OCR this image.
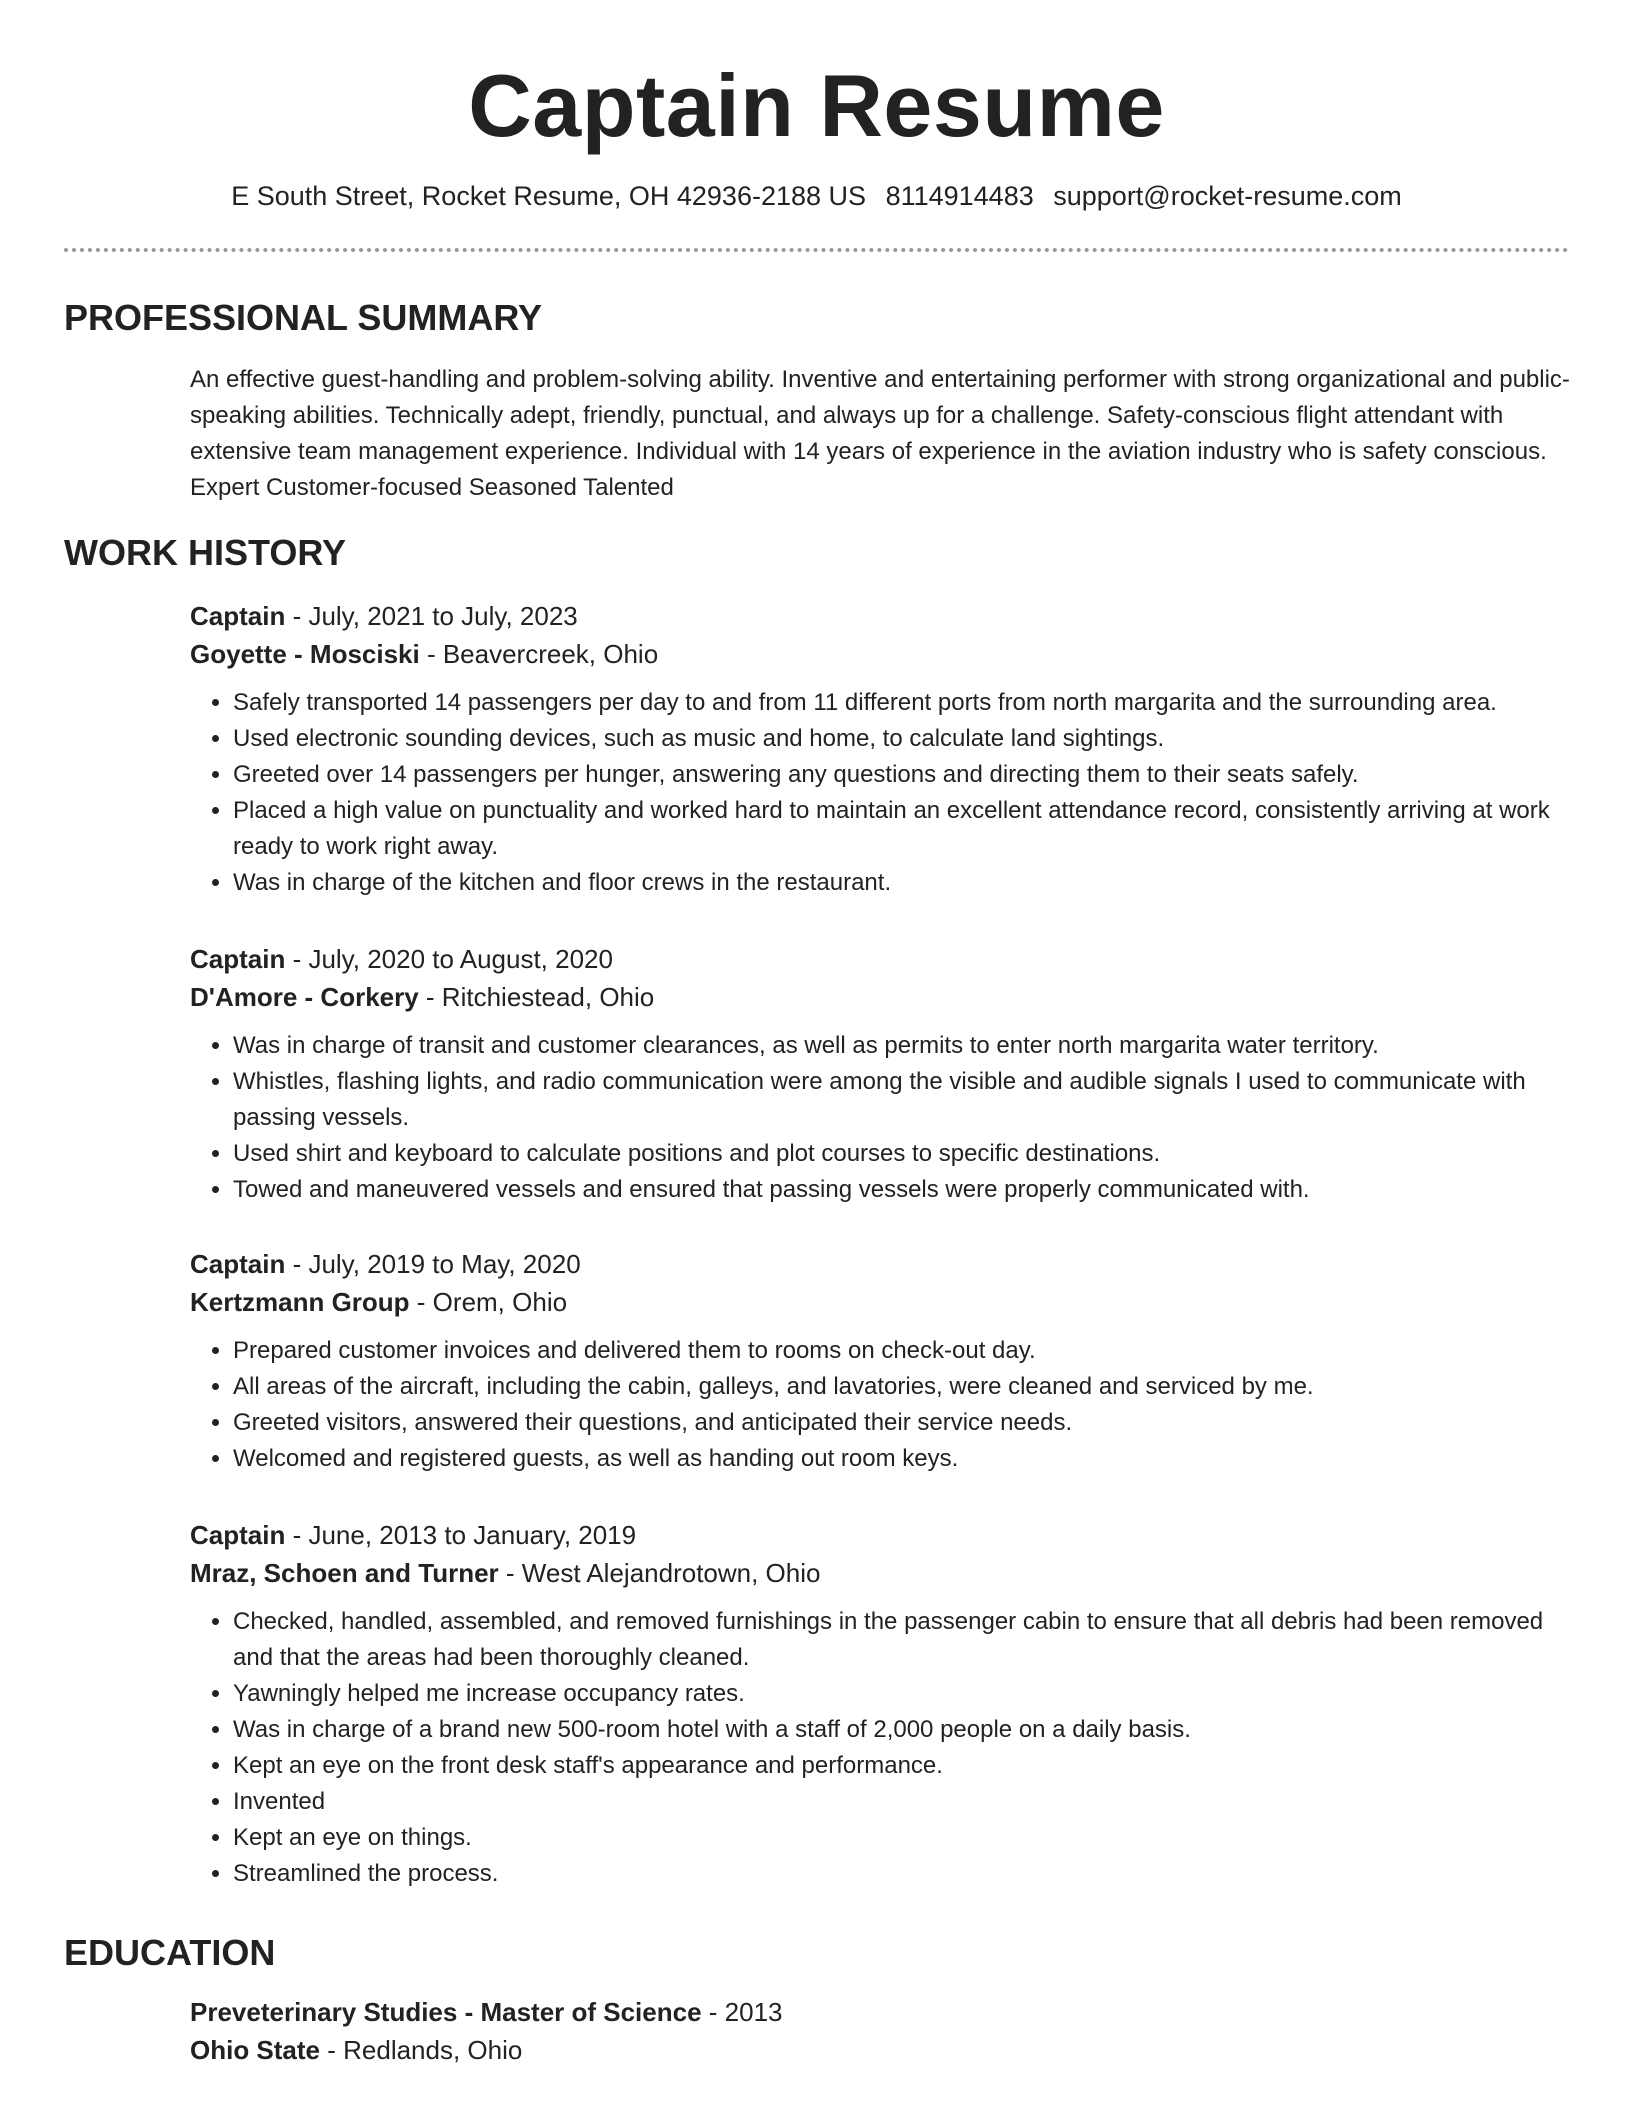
Captain Resume
E South Street, Rocket Resume, OH 42936-2188 US 8114914483 support@rocket-resume.com
PROFESSIONAL SUMMARY

An effective guest-handling and problem-solving ability. Inventive and entertaining performer with strong organizational and public-speaking abilities. Technically adept, friendly, punctual, and always up for a challenge. Safety-conscious flight attendant with extensive team management experience. Individual with 14 years of experience in the aviation industry who is safety conscious. Expert Customer-focused Seasoned Talented

WORK HISTORY

Captain - July, 2021 to July, 2023

Goyette - Mosciski - Beavercreek, Ohio

• Safely transported 14 passengers per day to and from 11 different ports from north margarita and the surrounding area.
• Used electronic sounding devices, such as music and home, to calculate land sightings.
• Greeted over 14 passengers per hunger, answering any questions and directing them to their seats safely.
• Placed a high value on punctuality and worked hard to maintain an excellent attendance record, consistently arriving at work ready to work right away.
• Was in charge of the kitchen and floor crews in the restaurant.

Captain - July, 2020 to August, 2020

D'Amore - Corkery - Ritchiestead, Ohio

• Was in charge of transit and customer clearances, as well as permits to enter north margarita water territory.
• Whistles, flashing lights, and radio communication were among the visible and audible signals I used to communicate with passing vessels.
• Used shirt and keyboard to calculate positions and plot courses to specific destinations.
• Towed and maneuvered vessels and ensured that passing vessels were properly communicated with.

Captain - July, 2019 to May, 2020

Kertzmann Group - Orem, Ohio

• Prepared customer invoices and delivered them to rooms on check-out day.
• All areas of the aircraft, including the cabin, galleys, and lavatories, were cleaned and serviced by me.
• Greeted visitors, answered their questions, and anticipated their service needs.
• Welcomed and registered guests, as well as handing out room keys.

Captain - June, 2013 to January, 2019

Mraz, Schoen and Turner - West Alejandrotown, Ohio

• Checked, handled, assembled, and removed furnishings in the passenger cabin to ensure that all debris had been removed and that the areas had been thoroughly cleaned.
• Yawningly helped me increase occupancy rates.
• Was in charge of a brand new 500-room hotel with a staff of 2,000 people on a daily basis.
• Kept an eye on the front desk staff's appearance and performance.
• Invented
• Kept an eye on things.
• Streamlined the process.
EDUCATION

Preveterinary Studies - Master of Science - 2013

Ohio State - Redlands, Ohio
